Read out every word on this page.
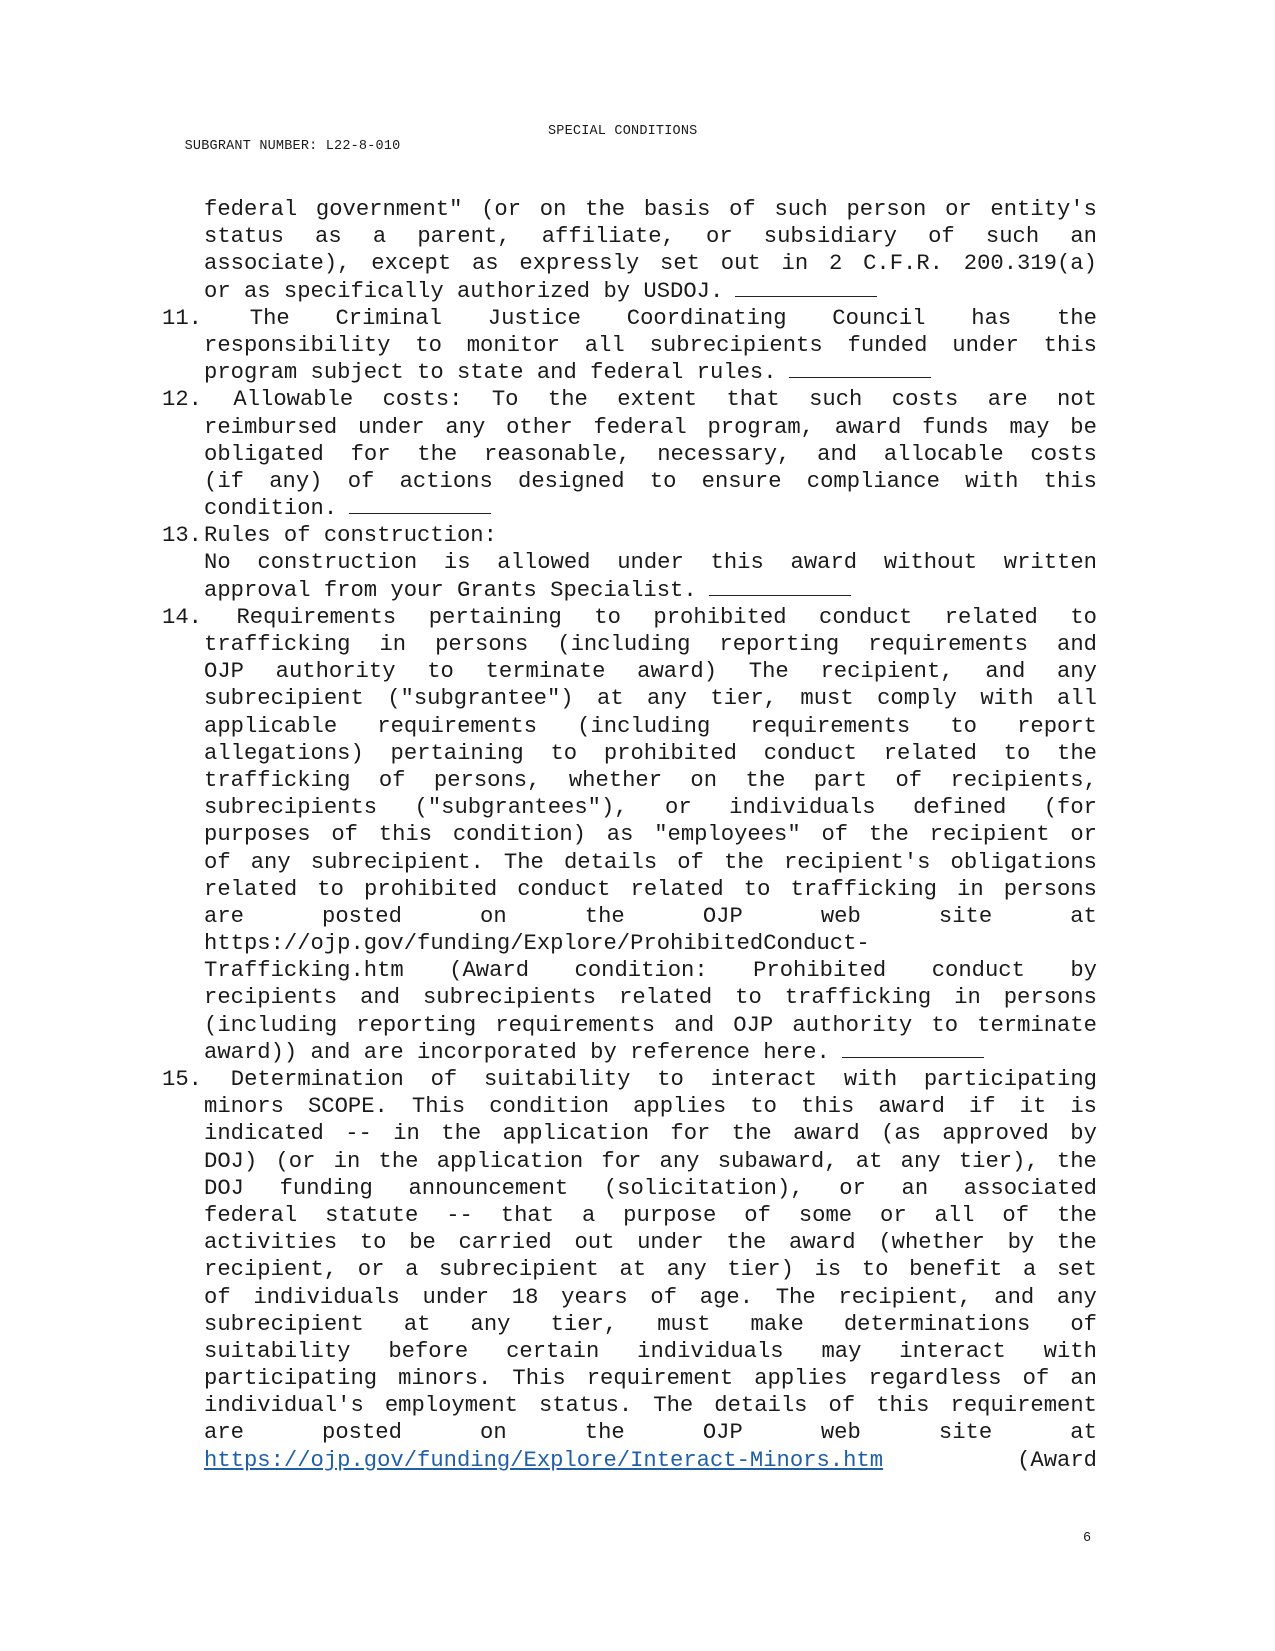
SUBGRANT NUMBER: L22-8-010

SPECIAL CONDITIONS

federal government" (or on the basis of such person or entity's
status as a parent, affiliate, or subsidiary of such an
associate), except as expressly set out in 2 C.F.R. 200.319(a)
or as specifically authorized by USDOJ.
11. The Criminal Justice Coordinating Council has the
responsibility to monitor all subrecipients funded under this
program subject to state and federal rules.
12. Allowable costs: To the extent that such costs are not
reimbursed under any other federal program, award funds may be
obligated for the reasonable, necessary, and allocable costs
(if any) of actions designed to ensure compliance with this
condition.
13. Rules of construction:
No construction is allowed under this award without written
approval from your Grants Specialist.
14. Requirements pertaining to prohibited conduct related to
trafficking in persons (including reporting requirements and
OJP authority to terminate award) The recipient, and any
subrecipient ("subgrantee") at any tier, must comply with all
applicable requirements (including requirements to report
allegations) pertaining to prohibited conduct related to the
trafficking of persons, whether on the part of recipients,
subrecipients ("subgrantees"), or individuals defined (for
purposes of this condition) as "employees" of the recipient or
of any subrecipient. The details of the recipient's obligations
related to prohibited conduct related to trafficking in persons
are	posted	on	the	OJP	web	site	at
https://ojp.gov/funding/Explore/ProhibitedConduct-
Trafficking.htm (Award condition: Prohibited conduct by
recipients and subrecipients related to trafficking in persons
(including reporting requirements and OJP authority to terminate
award)) and are incorporated by reference here.
15. Determination of suitability to interact with participating
minors SCOPE. This condition applies to this award if it is
indicated -- in the application for the award (as approved by
DOJ) (or in the application for any subaward, at any tier), the
DOJ funding announcement (solicitation), or an associated
federal statute -- that a purpose of some or all of the
activities to be carried out under the award (whether by the
recipient, or a subrecipient at any tier) is to benefit a set
of individuals under 18 years of age. The recipient, and any
subrecipient at any tier, must make determinations of
suitability before certain individuals may interact with
participating minors. This requirement applies regardless of an
individual's employment status. The details of this requirement
are	posted	on	the	OJP	web	site	at
https://ojp.gov/funding/Explore/Interact-Minors.htm	(Award
6
